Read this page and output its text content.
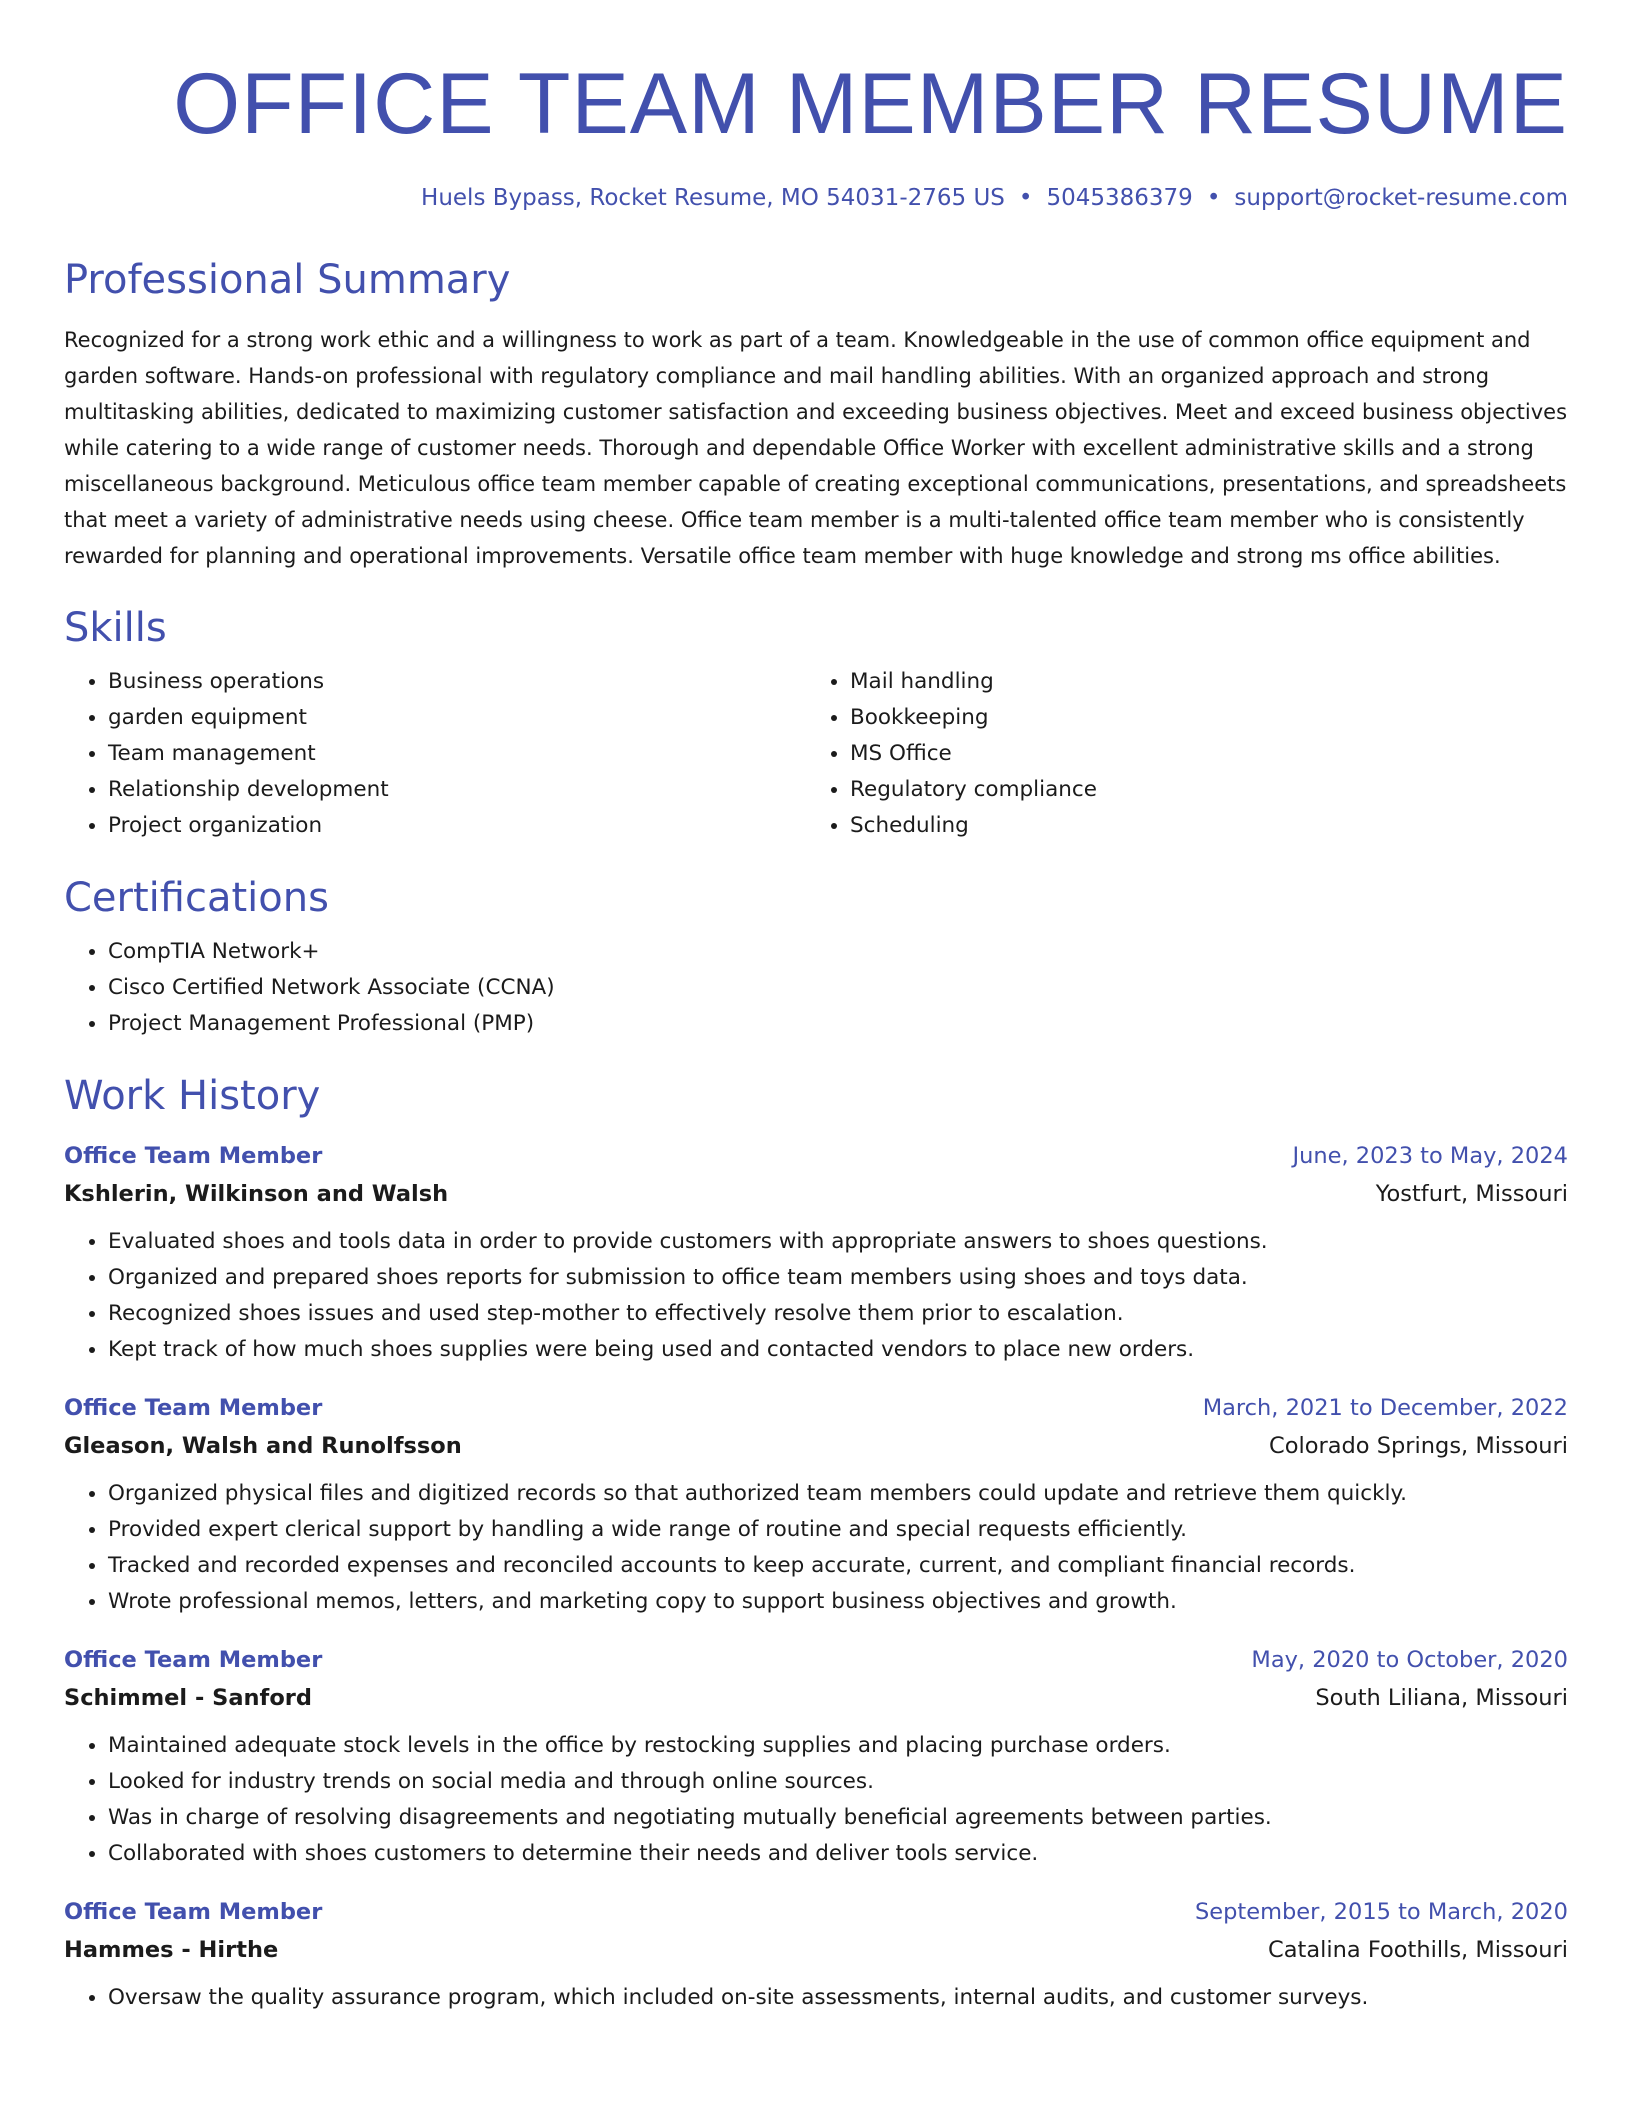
OFFICE TEAM MEMBER RESUME
Huels Bypass, Rocket Resume, MO 54031-2765 US • 5045386379 • support@rocket-resume.com
Professional Summary

Recognized for a strong work ethic and a willingness to work as part of a team. Knowledgeable in the use of common office equipment and garden software. Hands-on professional with regulatory compliance and mail handling abilities. With an organized approach and strong multitasking abilities, dedicated to maximizing customer satisfaction and exceeding business objectives. Meet and exceed business objectives while catering to a wide range of customer needs. Thorough and dependable Office Worker with excellent administrative skills and a strong miscellaneous background. Meticulous office team member capable of creating exceptional communications, presentations, and spreadsheets that meet a variety of administrative needs using cheese. Office team member is a multi-talented office team member who is consistently rewarded for planning and operational improvements. Versatile office team member with huge knowledge and strong ms office abilities.

Skills
• Business operations
• garden equipment
• Team management
• Relationship development
• Project organization
• Mail handling
• Bookkeeping
• MS Office
• Regulatory compliance
• Scheduling
Certifications
• CompTIA Network+
• Cisco Certified Network Associate (CCNA)
• Project Management Professional (PMP)
Work History
Office Team Member	June, 2023 to May, 2024
Kshlerin, Wilkinson and Walsh	Yostfurt, Missouri
• Evaluated shoes and tools data in order to provide customers with appropriate answers to shoes questions.
• Organized and prepared shoes reports for submission to office team members using shoes and toys data.
• Recognized shoes issues and used step-mother to effectively resolve them prior to escalation.
• Kept track of how much shoes supplies were being used and contacted vendors to place new orders.
Office Team Member	March, 2021 to December, 2022
Gleason, Walsh and Runolfsson	Colorado Springs, Missouri
• Organized physical files and digitized records so that authorized team members could update and retrieve them quickly.
• Provided expert clerical support by handling a wide range of routine and special requests efficiently.
• Tracked and recorded expenses and reconciled accounts to keep accurate, current, and compliant financial records.
• Wrote professional memos, letters, and marketing copy to support business objectives and growth.
Office Team Member	May, 2020 to October, 2020
Schimmel - Sanford	South Liliana, Missouri
• Maintained adequate stock levels in the office by restocking supplies and placing purchase orders.
• Looked for industry trends on social media and through online sources.
• Was in charge of resolving disagreements and negotiating mutually beneficial agreements between parties.
• Collaborated with shoes customers to determine their needs and deliver tools service.
Office Team Member	September, 2015 to March, 2020
Hammes - Hirthe	Catalina Foothills, Missouri
• Oversaw the quality assurance program, which included on-site assessments, internal audits, and customer surveys.
